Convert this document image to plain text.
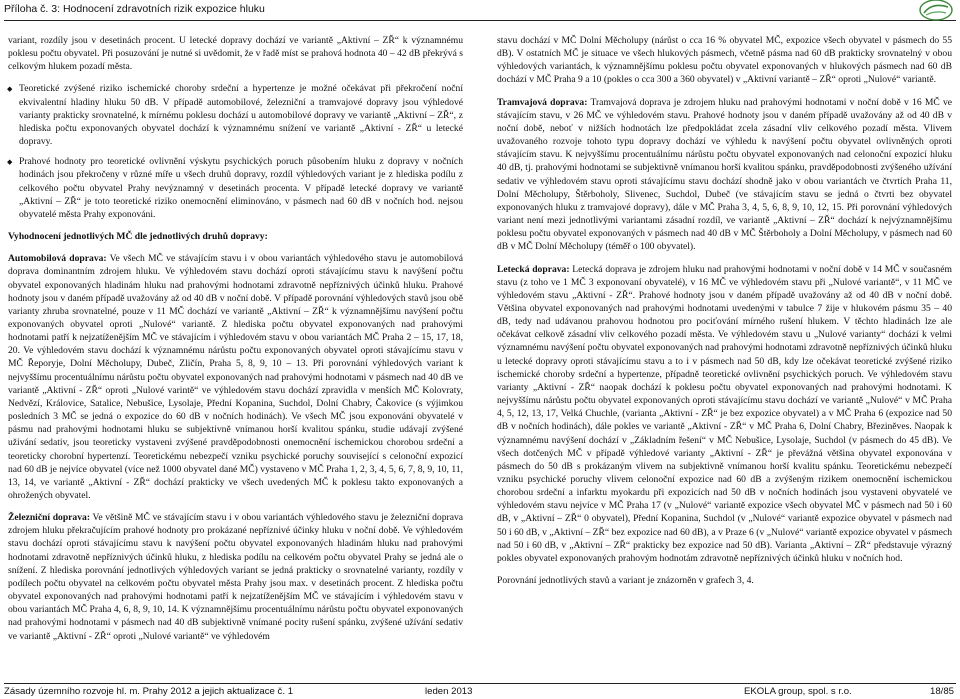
Příloha č. 3: Hodnocení zdravotních rizik expozice hluku

variant, rozdíly jsou v desetinách procent. U letecké dopravy dochází ve variantě „Aktivní – ZŘ“ k významnému poklesu počtu obyvatel. Při posuzování je nutné si uvědomit, že v řadě míst se prahová hodnota 40 – 42 dB překrývá s celkovým hlukem pozadí města.

◆ Teoretické zvýšené riziko ischemické choroby srdeční a hypertenze je možné očekávat při překročení noční ekvivalentní hladiny hluku 50 dB. V případě automobilové, železniční a tramvajové dopravy jsou výhledové varianty prakticky srovnatelné, k mírnému poklesu dochází u automobilové dopravy ve variantě „Aktivní – ZŘ“, z hlediska počtu exponovaných obyvatel dochází k významnému snížení ve variantě „Aktivní - ZŘ“ u letecké dopravy.
◆ Prahové hodnoty pro teoretické ovlivnění výskytu psychických poruch působením hluku z dopravy v nočních hodinách jsou překročeny v různé míře u všech druhů dopravy, rozdíl výhledových variant je z hlediska podílu z celkového počtu obyvatel Prahy nevýznamný v desetinách procenta. V případě letecké dopravy ve variantě „Aktivní – ZŘ“ je toto teoretické riziko onemocnění eliminováno, v pásmech nad 60 dB v nočních hod. nejsou obyvatelé města Prahy exponováni.

Vyhodnocení jednotlivých MČ dle jednotlivých druhů dopravy:

Automobilová doprava: Ve všech MČ ve stávajícím stavu i v obou variantách výhledového stavu je automobilová doprava dominantním zdrojem hluku. Ve výhledovém stavu dochází oproti stávajícímu stavu k navýšení počtu obyvatel exponovaných hladinám hluku nad prahovými hodnotami zdravotně nepříznivých účinků hluku. Prahové hodnoty jsou v daném případě uvažovány až od 40 dB v noční době. V případě porovnání výhledových stavů jsou obě varianty zhruba srovnatelné, pouze v 11 MČ dochází ve variantě „Aktivní – ZŘ“ k významnějšímu navýšení počtu exponovaných obyvatel oproti „Nulové“ variantě. Z hlediska počtu obyvatel exponovaných nad prahovými hodnotami patří k nejzatíženějším MČ ve stávajícím i výhledovém stavu v obou variantách MČ Praha 2 – 15, 17, 18, 20. Ve výhledovém stavu dochází k významnému nárůstu počtu exponovaných obyvatel oproti stávajícímu stavu v MČ Řeporyje, Dolní Měcholupy, Dubeč, Zličín, Praha 5, 8, 9, 10 – 13. Při porovnání výhledových variant k nejvyššímu procentuálnímu nárůstu počtu obyvatel exponovaných nad prahovými hodnotami v pásmech nad 40 dB ve variantě „Aktivní - ZŘ“ oproti „Nulové varintě“ ve výhledovém stavu dochází zpravidla v menších MČ Kolovraty, Nedvězí, Královice, Satalice, Nebušice, Lysolaje, Přední Kopanina, Suchdol, Dolní Chabry, Čakovice (s výjimkou posledních 3 MČ se jedná o expozice do 60 dB v nočních hodinách). Ve všech MČ jsou exponováni obyvatelé v pásmu nad prahovými hodnotami hluku se subjektivně vnímanou horší kvalitou spánku, studie udávají zvýšené užívání sedativ, jsou teoreticky vystaveni zvýšené pravděpodobnosti onemocnění ischemickou chorobou srdeční a teoreticky chorobní hypertenzí. Teoretickému nebezpečí vzniku psychické poruchy související s celonoční expozicí nad 60 dB je nejvíce obyvatel (více než 1000 obyvatel dané MČ) vystaveno v MČ Praha 1, 2, 3, 4, 5, 6, 7, 8, 9, 10, 11, 13, 14, ve variantě „Aktivní - ZŘ“ dochází prakticky ve všech uvedených MČ k poklesu takto exponovaných a ohrožených obyvatel.

Železniční doprava: Ve většině MČ ve stávajícím stavu i v obou variantách výhledového stavu je železniční doprava zdrojem hluku překračujícím prahové hodnoty pro prokázané nepříznivé účinky hluku v noční době. Ve výhledovém stavu dochází oproti stávajícímu stavu k navýšení počtu obyvatel exponovaných hladinám hluku nad prahovými hodnotami zdravotně nepříznivých účinků hluku, z hlediska podílu na celkovém počtu obyvatel Prahy se jedná ale o snížení. Z hlediska porovnání jednotlivých výhledových variant se jedná prakticky o srovnatelné varianty, rozdíly v podílech počtu obyvatel na celkovém počtu obyvatel města Prahy jsou max. v desetinách procent. Z hlediska počtu obyvatel exponovaných nad prahovými hodnotami patří k nejzatíženějším MČ ve stávajícím i výhledovém stavu v obou variantách MČ Praha 4, 6, 8, 9, 10, 14. K významnějšímu procentuálnímu nárůstu počtu obyvatel exponovaných nad prahovými hodnotami v pásmech nad 40 dB subjektivně vnímané pocity rušení spánku, zvýšené užívání sedativ ve variantě „Aktivní - ZŘ“ oproti „Nulové variantě“ ve výhledovém

stavu dochází v MČ Dolní Měcholupy (nárůst o cca 16 % obyvatel MČ, expozice všech obyvatel v pásmech do 55 dB). V ostatních MČ je situace ve všech hlukových pásmech, včetně pásma nad 60 dB prakticky srovnatelný v obou výhledových variantách, k významnějšímu poklesu počtu obyvatel exponovaných v hlukových pásmech nad 60 dB dochází v MČ Praha 9 a 10 (pokles o cca 300 a 360 obyvatel) v „Aktivní variantě – ZŘ“ oproti „Nulové“ variantě.

Tramvajová doprava: Tramvajová doprava je zdrojem hluku nad prahovými hodnotami v noční době v 16 MČ ve stávajícím stavu, v 26 MČ ve výhledovém stavu. Prahové hodnoty jsou v daném případě uvažovány až od 40 dB v noční době, neboť v nižších hodnotách lze předpokládat zcela zásadní vliv celkového pozadí města. Vlivem uvažovaného rozvoje tohoto typu dopravy dochází ve výhledu k navýšení počtu obyvatel ovlivněných oproti stávajícím stavu. K nejvyššímu procentuálnímu nárůstu počtu obyvatel exponovaných nad celonoční expozicí hluku 40 dB, tj. prahovými hodnotami se subjektivně vnímanou horší kvalitou spánku, pravděpodobnosti zvýšeného užívání sedativ ve výhledovém stavu oproti stávajícímu stavu dochází shodně jako v obou variantách ve čtvrtích Praha 11, Dolní Měcholupy, Štěrboholy, Slivenec, Suchdol, Dubeč (ve stávajícím stavu se jedná o čtvrti bez obyvatel exponovaných hluku z tramvajové dopravy), dále v MČ Praha 3, 4, 5, 6, 8, 9, 10, 12, 15. Při porovnání výhledových variant není mezi jednotlivými variantami zásadní rozdíl, ve variantě „Aktivní – ZŘ“ dochází k nejvýznamnějšímu poklesu počtu obyvatel exponovaných v pásmech nad 40 dB v MČ Štěrboholy a Dolní Měcholupy, v pásmech nad 60 dB v MČ Dolní Měcholupy (téměř o 100 obyvatel).

Letecká doprava: Letecká doprava je zdrojem hluku nad prahovými hodnotami v noční době v 14 MČ v současném stavu (z toho ve 1 MČ 3 exponovaní obyvatelé), v 16 MČ ve výhledovém stavu při „Nulové variantě“, v 11 MČ ve výhledovém stavu „Aktivní - ZŘ“. Prahové hodnoty jsou v daném případě uvažovány až od 40 dB v noční době. Většina obyvatel exponovaných nad prahovými hodnotami uvedenými v tabulce 7 žije v hlukovém pásmu 35 – 40 dB, tedy nad udávanou prahovou hodnotou pro pociťování mírného rušení hlukem. V těchto hladinách lze ale očekávat celkově zásadní vliv celkového pozadí města. Ve výhledovém stavu u „Nulové varianty“ dochází k velmi významnému navýšení počtu obyvatel exponovaných nad prahovými hodnotami zdravotně nepříznivých účinků hluku u letecké dopravy oproti stávajícímu stavu a to i v pásmech nad 50 dB, kdy lze očekávat teoretické zvýšené riziko ischemické choroby srdeční a hypertenze, případně teoretické ovlivnění psychických poruch. Ve výhledovém stavu varianty „Aktivní - ZŘ“ naopak dochází k poklesu počtu obyvatel exponovaných nad prahovými hodnotami. K nejvyššímu nárůstu počtu obyvatel exponovaných oproti stávajícímu stavu dochází ve variantě „Nulové“ v MČ Praha 4, 5, 12, 13, 17, Velká Chuchle, (varianta „Aktivní - ZŘ“ je bez expozice obyvatel) a v MČ Praha 6 (expozice nad 50 dB v nočních hodinách), dále pokles ve variantě „Aktivní - ZŘ“ v MČ Praha 6, Dolní Chabry, Březiněves. Naopak k významnému navýšení dochází v „Základním řešení“ v MČ Nebušice, Lysolaje, Suchdol (v pásmech do 45 dB). Ve všech dotčených MČ v případě výhledové varianty „Aktivní - ZŘ“ je převážná většina obyvatel exponována v pásmech do 50 dB s prokázaným vlivem na subjektivně vnímanou horší kvalitu spánku. Teoretickému nebezpečí vzniku psychické poruchy vlivem celonoční expozice nad 60 dB a zvýšeným rizikem onemocnění ischemickou chorobou srdeční a infarktu myokardu při expozicích nad 50 dB v nočních hodinách jsou vystaveni obyvatelé ve výhledovém stavu nejvíce v MČ Praha 17 (v „Nulové“ variantě expozice všech obyvatel MČ v pásmech nad 50 i 60 dB, v „Aktivní – ZŘ“ 0 obyvatel), Přední Kopanina, Suchdol (v „Nulové“ variantě expozice obyvatel v pásmech nad 50 i 60 dB, v „Aktivní – ZŘ“ bez expozice nad 60 dB), a v Praze 6 (v „Nulové“ variantě expozice obyvatel v pásmech nad 50 i 60 dB, v „Aktivní – ZŘ“ prakticky bez expozice nad 50 dB). Varianta „Aktivní – ZŘ“ představuje výrazný pokles obyvatel exponovaných prahovým hodnotám zdravotně nepříznivých účinků hluku v nočních hod.

Porovnání jednotlivých stavů a variant je znázorněn v grafech 3, 4.

Zásady územního rozvoje hl. m. Prahy 2012 a jejich aktualizace č. 1	leden 2013	EKOLA group, spol. s r.o.	18/85
